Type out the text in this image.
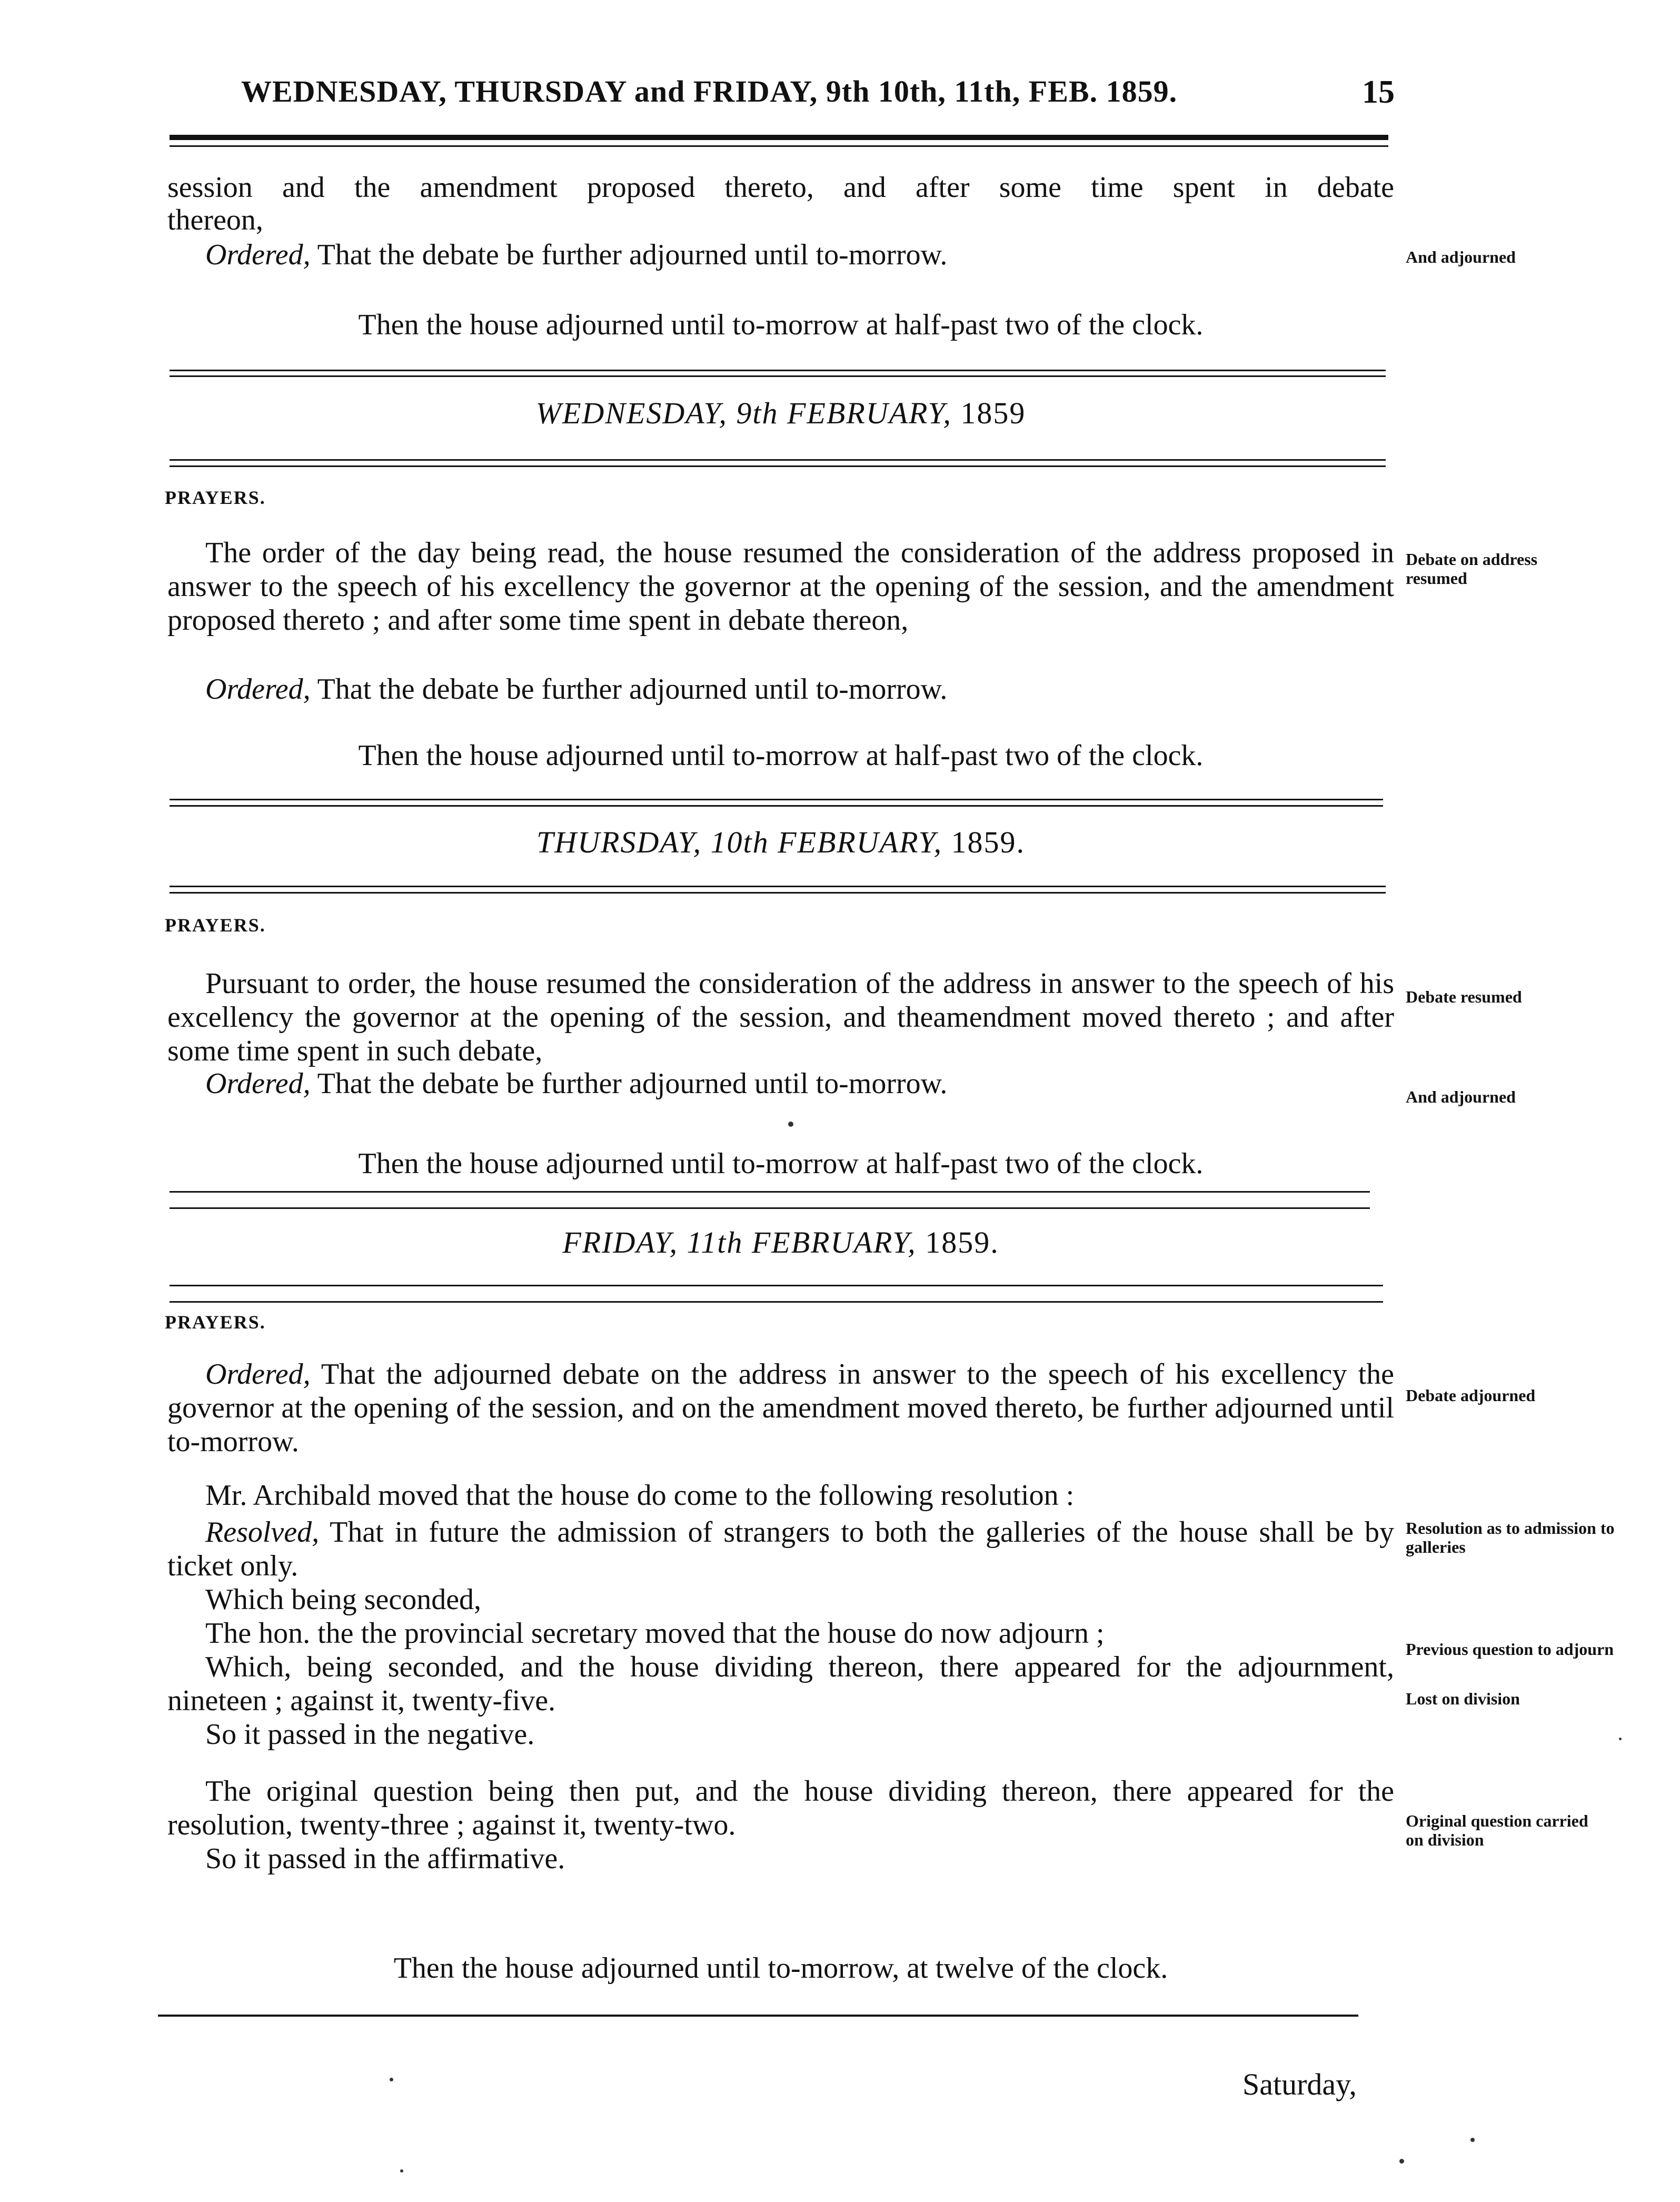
WEDNESDAY, THURSDAY and FRIDAY, 9th 10th, 11th, FEB. 1859.	15
session and the amendment proposed thereto, and after some time spent in debate
thereon,
Ordered, That the debate be further adjourned until to-morrow.	And adjourned
Then the house adjourned until to-morrow at half-past two of the clock.
WEDNESDAY, 9th FEBRUARY, 1859
PRAYERS.
The order of the day being read, the house resumed the consideration of the address proposed in answer to the speech of his excellency the governor at the opening of the session, and the amendment proposed thereto ; and after some time spent in debate thereon,
Debate on address resumed
Ordered, That the debate be further adjourned until to-morrow.
Then the house adjourned until to-morrow at half-past two of the clock.
THURSDAY, 10th FEBRUARY, 1859.
PRAYERS.
Pursuant to order, the house resumed the consideration of the address in answer to the speech of his excellency the governor at the opening of the session, and theamendment moved thereto ; and after some time spent in such debate,
Debate resumed
Ordered, That the debate be further adjourned until to-morrow.	And adjourned
Then the house adjourned until to-morrow at half-past two of the clock.
FRIDAY, 11th FEBRUARY, 1859.
PRAYERS.
Ordered, That the adjourned debate on the address in answer to the speech of his excellency the governor at the opening of the session, and on the amendment moved thereto, be further adjourned until to-morrow.
Debate adjourned
Mr. Archibald moved that the house do come to the following resolution :
Resolved, That in future the admission of strangers to both the galleries of the house shall be by ticket only.
Resolution as to admission to galleries
Which being seconded,
The hon. the the provincial secretary moved that the house do now adjourn ;	Previous question to adjourn
Which, being seconded, and the house dividing thereon, there appeared for the adjournment, nineteen ; against it, twenty-five.	Lost on division
So it passed in the negative.
The original question being then put, and the house dividing thereon, there appeared for the resolution, twenty-three ; against it, twenty-two.	Original question carried on division
So it passed in the affirmative.
Then the house adjourned until to-morrow, at twelve of the clock.
Saturday,
